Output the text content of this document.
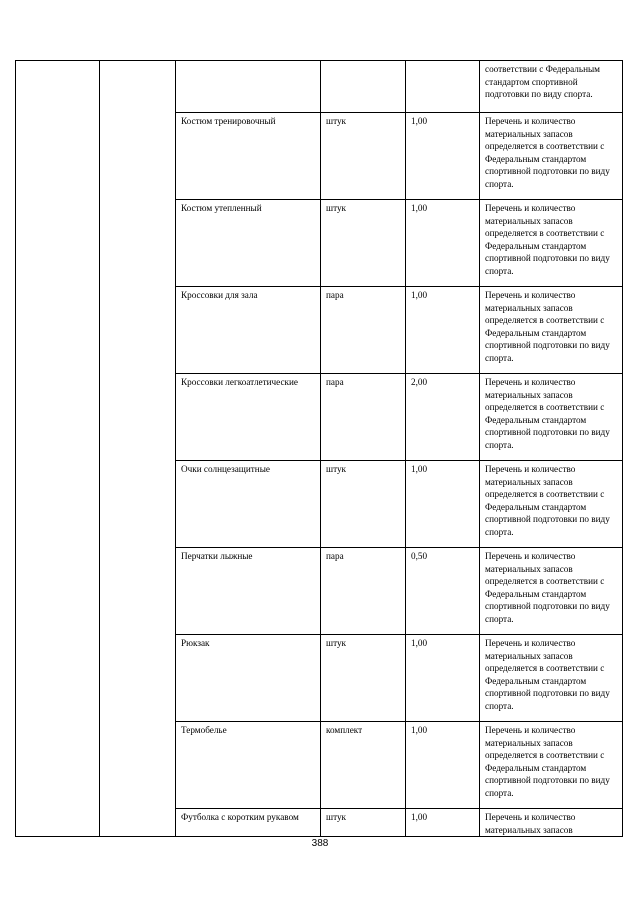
					соответствии с Федеральным стандартом спортивной подготовки по виду спорта.
		Костюм тренировочный	штук	1,00	Перечень и количество материальных запасов определяется в соответствии с Федеральным стандартом спортивной подготовки по виду спорта.
		Костюм утепленный	штук	1,00	Перечень и количество материальных запасов определяется в соответствии с Федеральным стандартом спортивной подготовки по виду спорта.
		Кроссовки для зала	пара	1,00	Перечень и количество материальных запасов определяется в соответствии с Федеральным стандартом спортивной подготовки по виду спорта.
		Кроссовки легкоатлетические	пара	2,00	Перечень и количество материальных запасов определяется в соответствии с Федеральным стандартом спортивной подготовки по виду спорта.
		Очки солнцезащитные	штук	1,00	Перечень и количество материальных запасов определяется в соответствии с Федеральным стандартом спортивной подготовки по виду спорта.
		Перчатки лыжные	пара	0,50	Перечень и количество материальных запасов определяется в соответствии с Федеральным стандартом спортивной подготовки по виду спорта.
		Рюкзак	штук	1,00	Перечень и количество материальных запасов определяется в соответствии с Федеральным стандартом спортивной подготовки по виду спорта.
		Термобелье	комплект	1,00	Перечень и количество материальных запасов определяется в соответствии с Федеральным стандартом спортивной подготовки по виду спорта.
		Футболка с коротким рукавом	штук	1,00	Перечень и количество материальных запасов
388
